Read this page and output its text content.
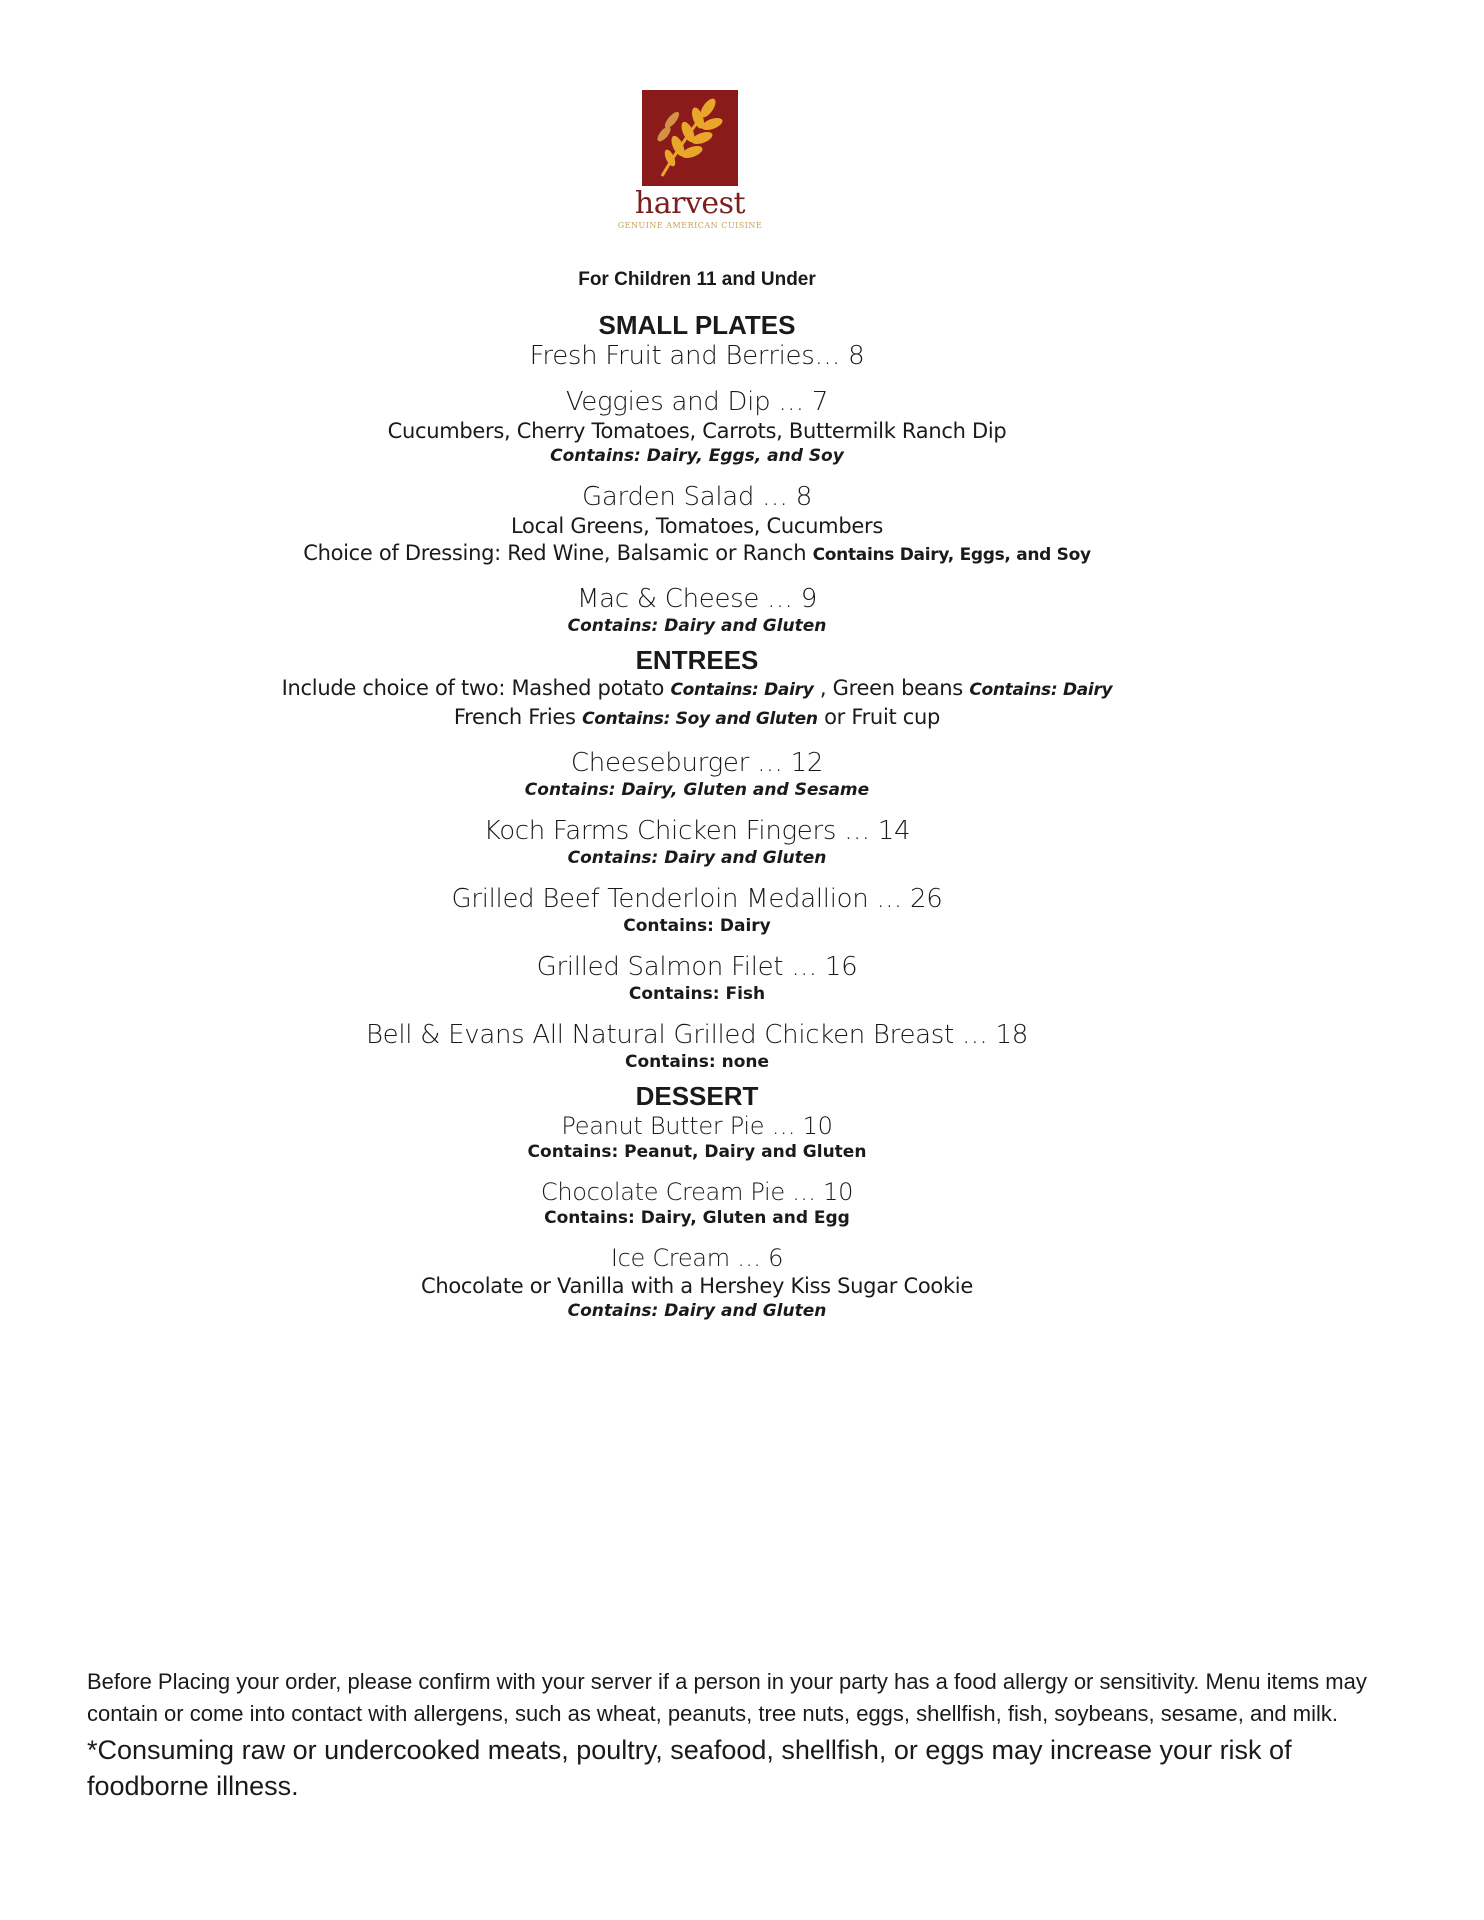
harvest
GENUINE AMERICAN CUISINE
For Children 11 and Under
SMALL PLATES
Fresh Fruit and Berries… 8
Veggies and Dip … 7
Cucumbers, Cherry Tomatoes, Carrots, Buttermilk Ranch Dip
Contains: Dairy, Eggs, and Soy
Garden Salad … 8
Local Greens, Tomatoes, Cucumbers
Choice of Dressing: Red Wine, Balsamic or Ranch Contains Dairy, Eggs, and Soy
Mac & Cheese … 9
Contains: Dairy and Gluten
ENTREES
Include choice of two: Mashed potato Contains: Dairy , Green beans Contains: Dairy
French Fries Contains: Soy and Gluten or Fruit cup
Cheeseburger … 12
Contains: Dairy, Gluten and Sesame
Koch Farms Chicken Fingers … 14
Contains: Dairy and Gluten
Grilled Beef Tenderloin Medallion … 26
Contains: Dairy
Grilled Salmon Filet … 16
Contains: Fish
Bell & Evans All Natural Grilled Chicken Breast … 18
Contains: none
DESSERT
Peanut Butter Pie … 10
Contains: Peanut, Dairy and Gluten
Chocolate Cream Pie … 10
Contains: Dairy, Gluten and Egg
Ice Cream … 6
Chocolate or Vanilla with a Hershey Kiss Sugar Cookie
Contains: Dairy and Gluten

Before Placing your order, please confirm with your server if a person in your party has a food allergy or sensitivity. Menu items may contain or come into contact with allergens, such as wheat, peanuts, tree nuts, eggs, shellfish, fish, soybeans, sesame, and milk.

*Consuming raw or undercooked meats, poultry, seafood, shellfish, or eggs may increase your risk of foodborne illness.
